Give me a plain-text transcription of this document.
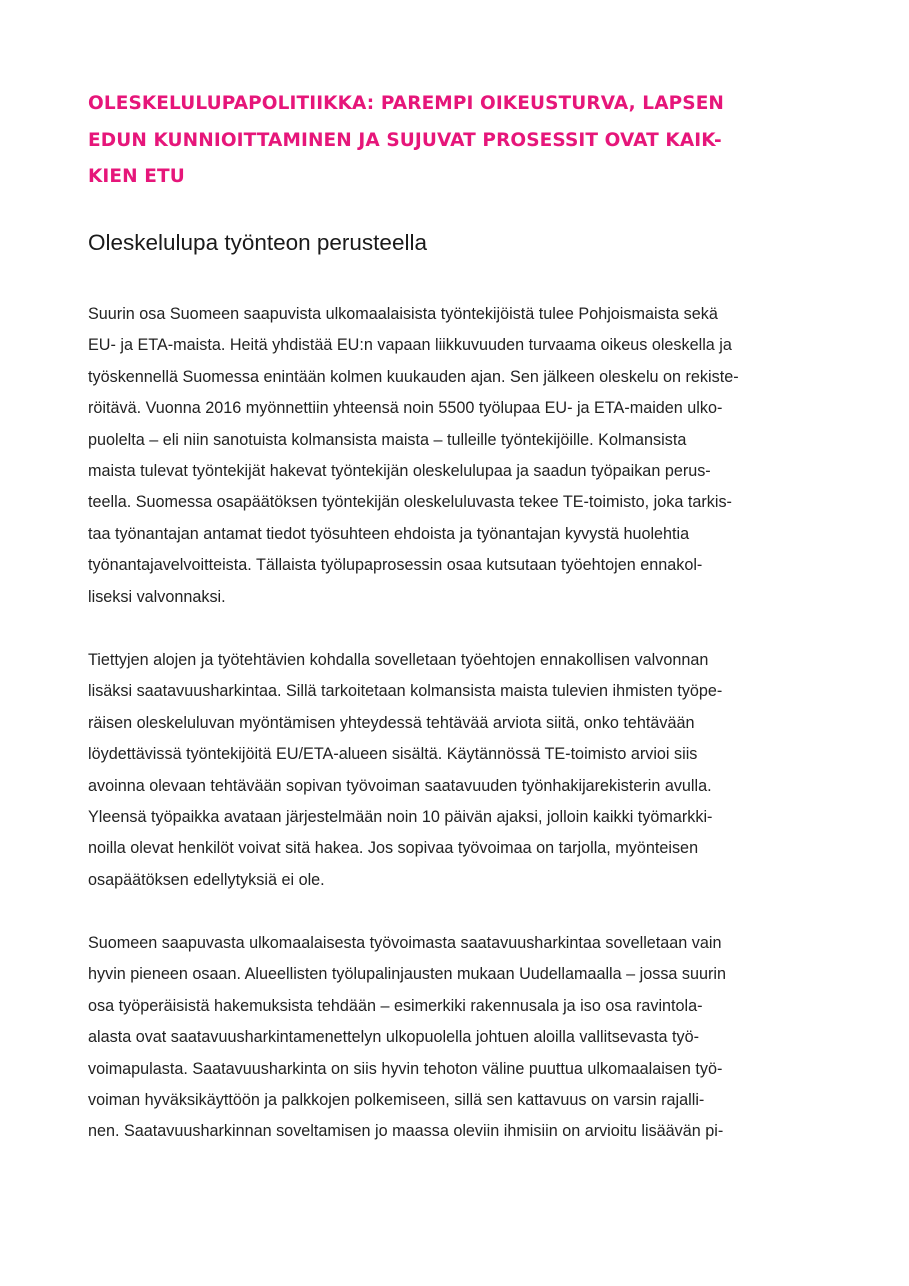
OLESKELULUPAPOLITIIKKA: PAREMPI OIKEUSTURVA, LAPSEN
EDUN KUNNIOITTAMINEN JA SUJUVAT PROSESSIT OVAT KAIK-
KIEN ETU
Oleskelulupa työnteon perusteella

Suurin osa Suomeen saapuvista ulkomaalaisista työntekijöistä tulee Pohjoismaista sekä
EU- ja ETA-maista. Heitä yhdistää EU:n vapaan liikkuvuuden turvaama oikeus oleskella ja
työskennellä Suomessa enintään kolmen kuukauden ajan. Sen jälkeen oleskelu on rekiste-
röitävä. Vuonna 2016 myönnettiin yhteensä noin 5500 työlupaa EU- ja ETA-maiden ulko-
puolelta – eli niin sanotuista kolmansista maista – tulleille työntekijöille. Kolmansista
maista tulevat työntekijät hakevat työntekijän oleskelulupaa ja saadun työpaikan perus-
teella. Suomessa osapäätöksen työntekijän oleskeluluvasta tekee TE-toimisto, joka tarkis-
taa työnantajan antamat tiedot työsuhteen ehdoista ja työnantajan kyvystä huolehtia
työnantajavelvoitteista. Tällaista työlupaprosessin osaa kutsutaan työehtojen ennakol-
liseksi valvonnaksi.

Tiettyjen alojen ja työtehtävien kohdalla sovelletaan työehtojen ennakollisen valvonnan
lisäksi saatavuusharkintaa. Sillä tarkoitetaan kolmansista maista tulevien ihmisten työpe-
räisen oleskeluluvan myöntämisen yhteydessä tehtävää arviota siitä, onko tehtävään
löydettävissä työntekijöitä EU/ETA-alueen sisältä. Käytännössä TE-toimisto arvioi siis
avoinna olevaan tehtävään sopivan työvoiman saatavuuden työnhakijarekisterin avulla.
Yleensä työpaikka avataan järjestelmään noin 10 päivän ajaksi, jolloin kaikki työmarkki-
noilla olevat henkilöt voivat sitä hakea. Jos sopivaa työvoimaa on tarjolla, myönteisen
osapäätöksen edellytyksiä ei ole.

Suomeen saapuvasta ulkomaalaisesta työvoimasta saatavuusharkintaa sovelletaan vain
hyvin pieneen osaan. Alueellisten työlupalinjausten mukaan Uudellamaalla – jossa suurin
osa työperäisistä hakemuksista tehdään – esimerkiki rakennusala ja iso osa ravintola-
alasta ovat saatavuusharkintamenettelyn ulkopuolella johtuen aloilla vallitsevasta työ-
voimapulasta. Saatavuusharkinta on siis hyvin tehoton väline puuttua ulkomaalaisen työ-
voiman hyväksikäyttöön ja palkkojen polkemiseen, sillä sen kattavuus on varsin rajalli-
nen. Saatavuusharkinnan soveltamisen jo maassa oleviin ihmisiin on arvioitu lisäävän pi-
